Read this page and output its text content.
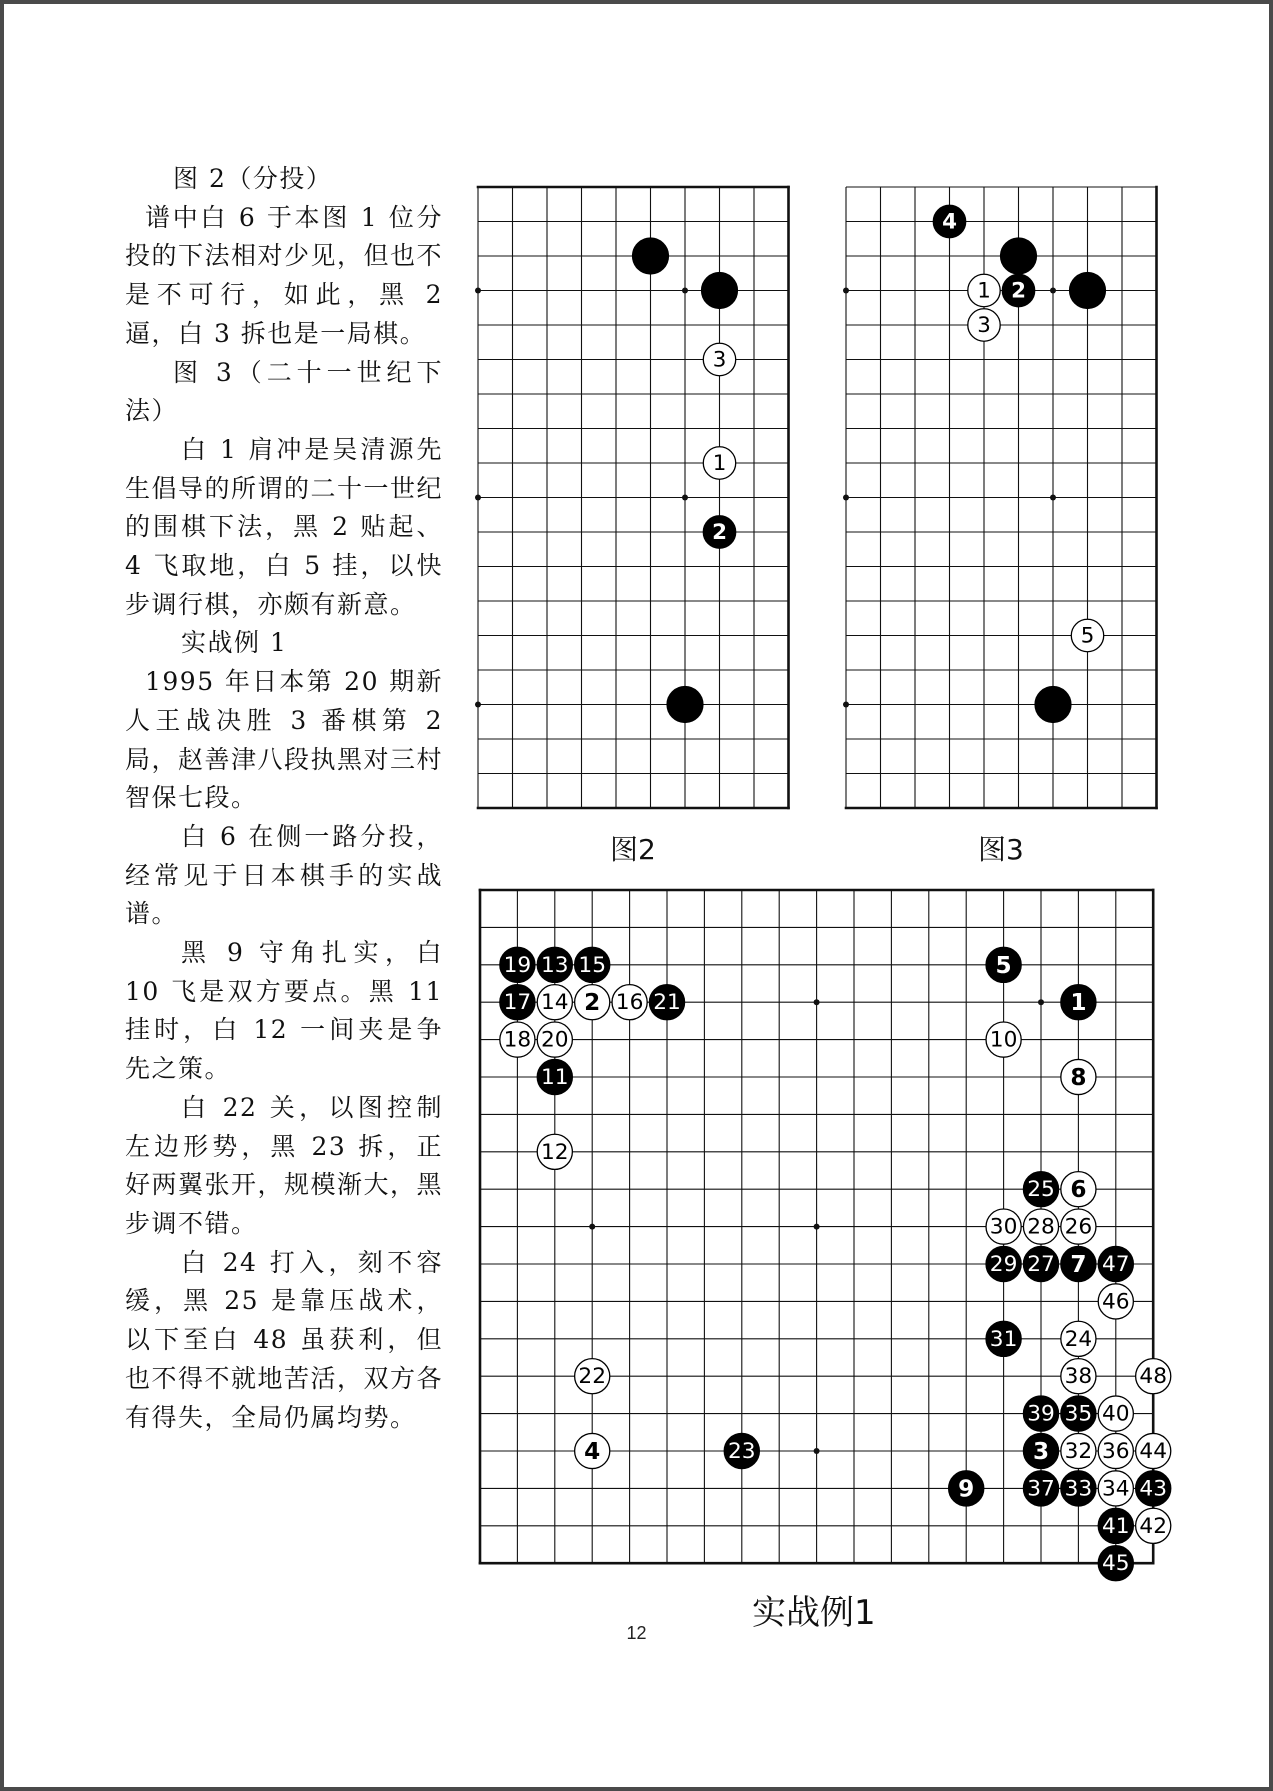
图 2（分投）

谱中白 6 于本图 1 位分投的下法相对少见，但也不是不可行，如此，黑 2 逼，白 3 拆也是一局棋。

图 3（二十一世纪下法）

白 1 肩冲是吴清源先生倡导的所谓的二十一世纪的围棋下法，黑 2 贴起、4 飞取地，白 5 挂，以快步调行棋，亦颇有新意。

实战例 1

1995 年日本第 20 期新人王战决胜 3 番棋第 2 局，赵善津八段执黑对三村智保七段。

白 6 在侧一路分投，经常见于日本棋手的实战谱。

黑 9 守角扎实，白 10 飞是双方要点。黑 11 挂时，白 12 一间夹是争先之策。

白 22 关，以图控制左边形势，黑 23 拆，正好两翼张开，规模渐大，黑步调不错。

白 24 打入，刻不容缓，黑 25 是靠压战术，以下至白 48 虽获利，但也不得不就地苦活，双方各有得失，全局仍属均势。

3
1
2
图2
4
1 2
3
5
图3
19 13 15	5
17 14 2 16 21	1
18 20	10
11	8
12
25 6
30 28 26
29 27 7 47
46
31 24
22	38 48
39 35 40
4	23	3 32 36 44
9 37 33 34 43
41 42
45
实战例1
12
